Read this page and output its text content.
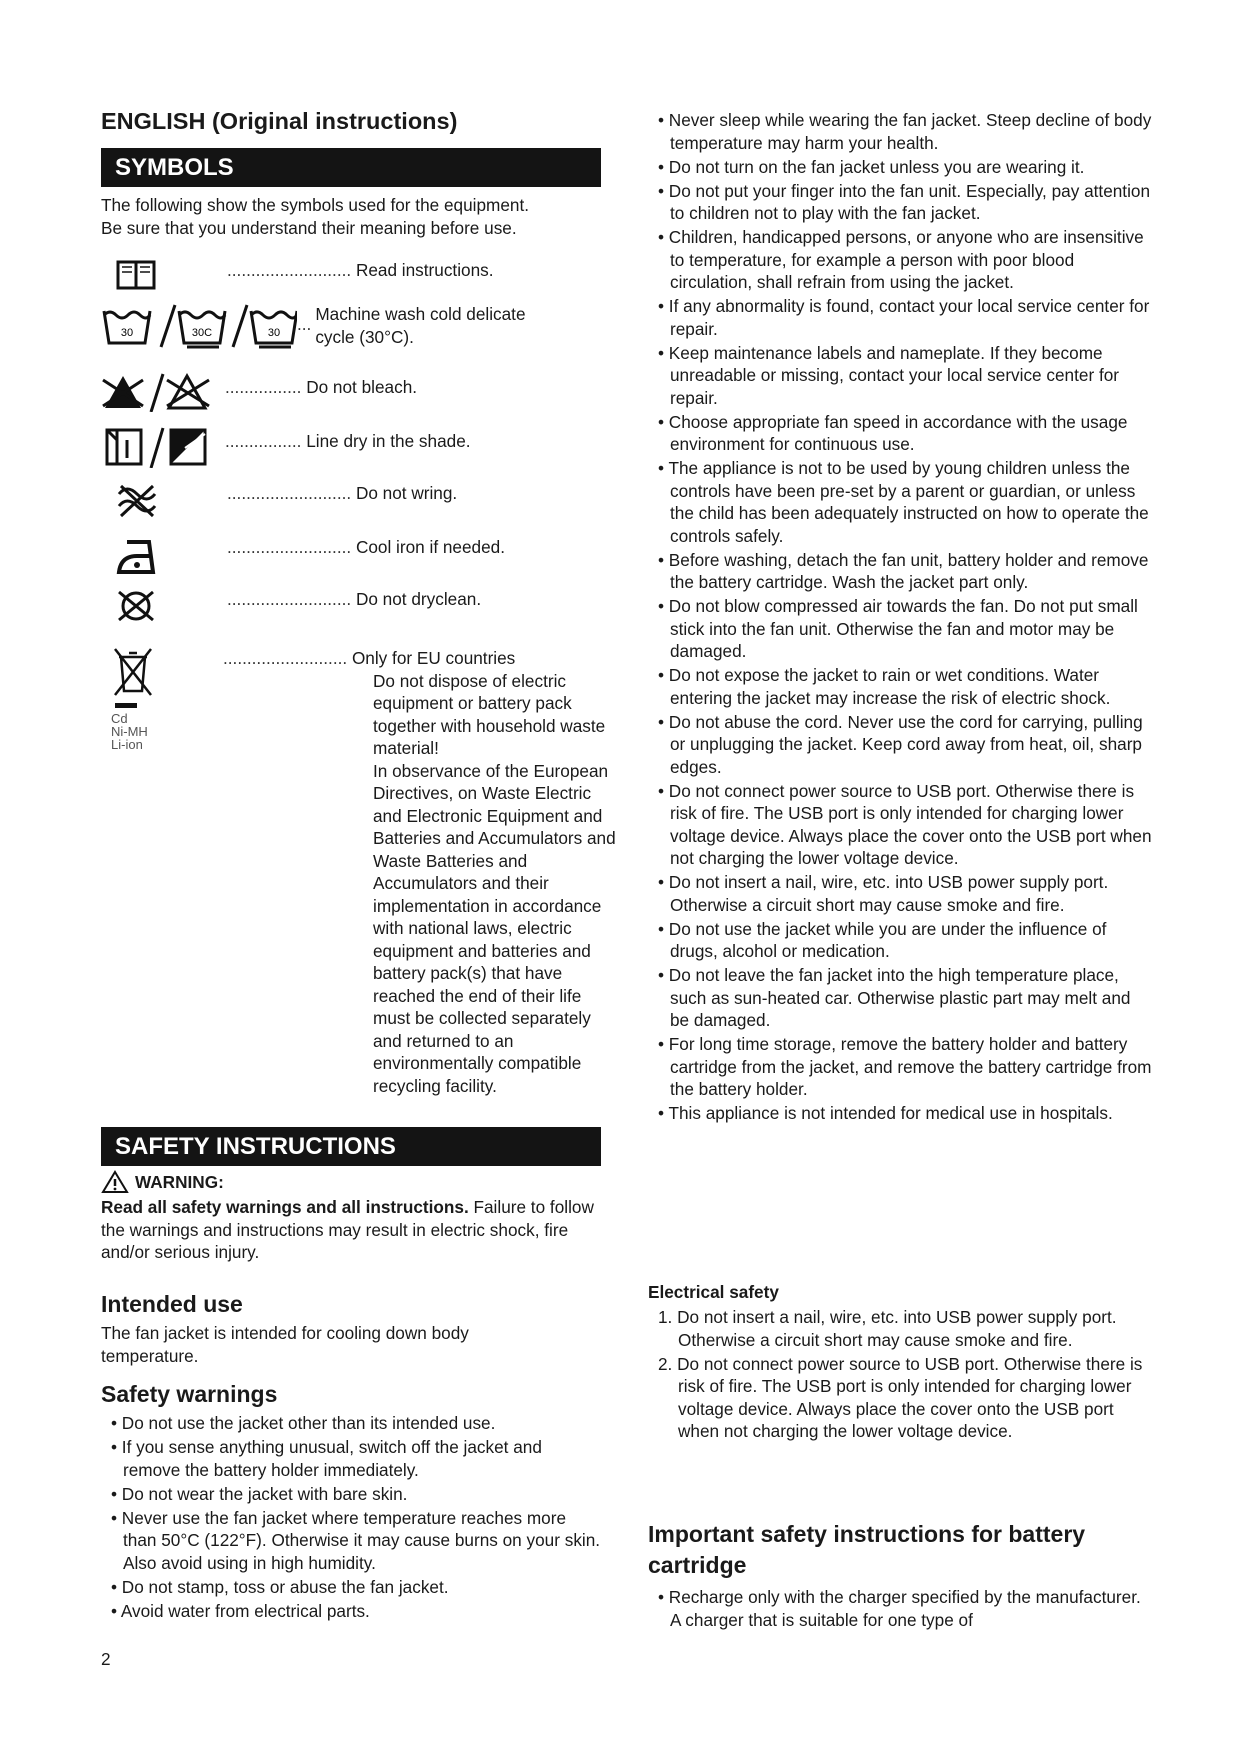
ENGLISH (Original instructions)
SYMBOLS
The following show the symbols used for the equipment.
Be sure that you understand their meaning before use.
.......................... Read instructions.
30	30C	30 ... Machine wash cold delicate cycle (30°C).
................ Do not bleach.
................ Line dry in the shade.
.......................... Do not wring.
.......................... Cool iron if needed.
.......................... Do not dryclean.
Cd
Ni-MH
Li-ion
.......................... Only for EU countries
Do not dispose of electric
equipment or battery pack
together with household waste
material!
In observance of the European
Directives, on Waste Electric
and Electronic Equipment and
Batteries and Accumulators and
Waste Batteries and
Accumulators and their
implementation in accordance
with national laws, electric
equipment and batteries and
battery pack(s) that have
reached the end of their life
must be collected separately
and returned to an
environmentally compatible
recycling facility.
SAFETY INSTRUCTIONS
WARNING:
Read all safety warnings and all instructions. Failure to follow the warnings and instructions may result in electric shock, fire and/or serious injury.
Intended use
The fan jacket is intended for cooling down body temperature.
Safety warnings
• Do not use the jacket other than its intended use.
• If you sense anything unusual, switch off the jacket and remove the battery holder immediately.
• Do not wear the jacket with bare skin.
• Never use the fan jacket where temperature reaches more than 50°C (122°F). Otherwise it may cause burns on your skin. Also avoid using in high humidity.
• Do not stamp, toss or abuse the fan jacket.
• Avoid water from electrical parts.
2
• Never sleep while wearing the fan jacket. Steep decline of body temperature may harm your health.
• Do not turn on the fan jacket unless you are wearing it.
• Do not put your finger into the fan unit. Especially, pay attention to children not to play with the fan jacket.
• Children, handicapped persons, or anyone who are insensitive to temperature, for example a person with poor blood circulation, shall refrain from using the jacket.
• If any abnormality is found, contact your local service center for repair.
• Keep maintenance labels and nameplate. If they become unreadable or missing, contact your local service center for repair.
• Choose appropriate fan speed in accordance with the usage environment for continuous use.
• The appliance is not to be used by young children unless the controls have been pre-set by a parent or guardian, or unless the child has been adequately instructed on how to operate the controls safely.
• Before washing, detach the fan unit, battery holder and remove the battery cartridge. Wash the jacket part only.
• Do not blow compressed air towards the fan. Do not put small stick into the fan unit. Otherwise the fan and motor may be damaged.
• Do not expose the jacket to rain or wet conditions. Water entering the jacket may increase the risk of electric shock.
• Do not abuse the cord. Never use the cord for carrying, pulling or unplugging the jacket. Keep cord away from heat, oil, sharp edges.
• Do not connect power source to USB port. Otherwise there is risk of fire. The USB port is only intended for charging lower voltage device. Always place the cover onto the USB port when not charging the lower voltage device.
• Do not insert a nail, wire, etc. into USB power supply port. Otherwise a circuit short may cause smoke and fire.
• Do not use the jacket while you are under the influence of drugs, alcohol or medication.
• Do not leave the fan jacket into the high temperature place, such as sun-heated car. Otherwise plastic part may melt and be damaged.
• For long time storage, remove the battery holder and battery cartridge from the jacket, and remove the battery cartridge from the battery holder.
• This appliance is not intended for medical use in hospitals.
Electrical safety
1. Do not insert a nail, wire, etc. into USB power supply port. Otherwise a circuit short may cause smoke and fire.
2. Do not connect power source to USB port. Otherwise there is risk of fire. The USB port is only intended for charging lower voltage device. Always place the cover onto the USB port when not charging the lower voltage device.
Important safety instructions for battery cartridge
• Recharge only with the charger specified by the manufacturer. A charger that is suitable for one type of
